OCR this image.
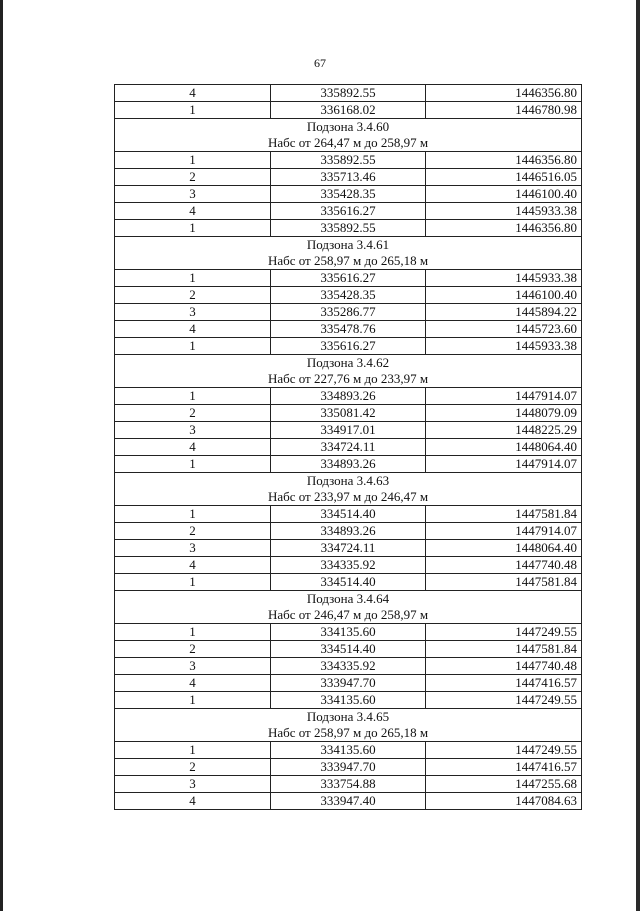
67
4	335892.55	1446356.80
1	336168.02	1446780.98

Подзона 3.4.60
Набс от 264,47 м до 258,97 м		

1	335892.55	1446356.80
2	335713.46	1446516.05
3	335428.35	1446100.40
4	335616.27	1445933.38
1	335892.55	1446356.80

Подзона 3.4.61
Набс от 258,97 м до 265,18 м		

1	335616.27	1445933.38
2	335428.35	1446100.40
3	335286.77	1445894.22
4	335478.76	1445723.60
1	335616.27	1445933.38

Подзона 3.4.62
Набс от 227,76 м до 233,97 м		

1	334893.26	1447914.07
2	335081.42	1448079.09
3	334917.01	1448225.29
4	334724.11	1448064.40
1	334893.26	1447914.07

Подзона 3.4.63
Набс от 233,97 м до 246,47 м		

1	334514.40	1447581.84
2	334893.26	1447914.07
3	334724.11	1448064.40
4	334335.92	1447740.48
1	334514.40	1447581.84

Подзона 3.4.64
Набс от 246,47 м до 258,97 м		

1	334135.60	1447249.55
2	334514.40	1447581.84
3	334335.92	1447740.48
4	333947.70	1447416.57
1	334135.60	1447249.55

Подзона 3.4.65
Набс от 258,97 м до 265,18 м		

1	334135.60	1447249.55
2	333947.70	1447416.57
3	333754.88	1447255.68
4	333947.40	1447084.63
